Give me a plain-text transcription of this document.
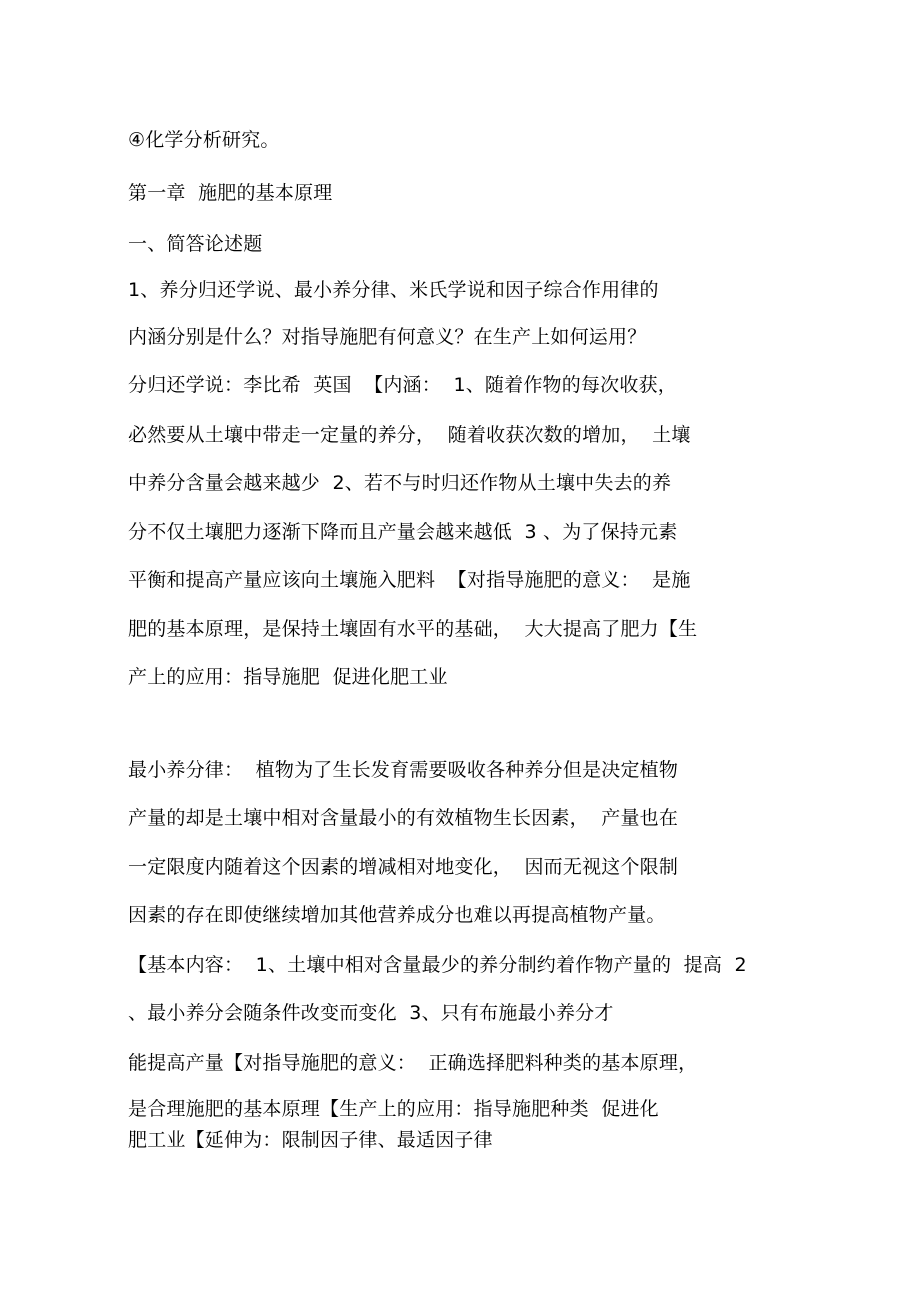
④化学分析研究。
第一章  施肥的基本原理
一、简答论述题
1、养分归还学说、最小养分律、米氏学说和因子综合作用律的
内涵分别是什么？对指导施肥有何意义？在生产上如何运用？
分归还学说：李比希  英国  【内涵：  1、随着作物的每次收获，
必然要从土壤中带走一定量的养分，  随着收获次数的增加，  土壤
中养分含量会越来越少  2、若不与时归还作物从土壤中失去的养
分不仅土壤肥力逐渐下降而且产量会越来越低  3 、为了保持元素
平衡和提高产量应该向土壤施入肥料  【对指导施肥的意义：  是施
肥的基本原理，是保持土壤固有水平的基础，  大大提高了肥力【生
产上的应用：指导施肥  促进化肥工业
最小养分律：  植物为了生长发育需要吸收各种养分但是决定植物
产量的却是土壤中相对含量最小的有效植物生长因素，  产量也在
一定限度内随着这个因素的增减相对地变化，  因而无视这个限制
因素的存在即使继续增加其他营养成分也难以再提高植物产量。
【基本内容：  1、土壤中相对含量最少的养分制约着作物产量的  提高  2
、最小养分会随条件改变而变化  3、只有布施最小养分才
能提高产量【对指导施肥的意义：  正确选择肥料种类的基本原理，
是合理施肥的基本原理【生产上的应用：指导施肥种类  促进化
肥工业【延伸为：限制因子律、最适因子律
